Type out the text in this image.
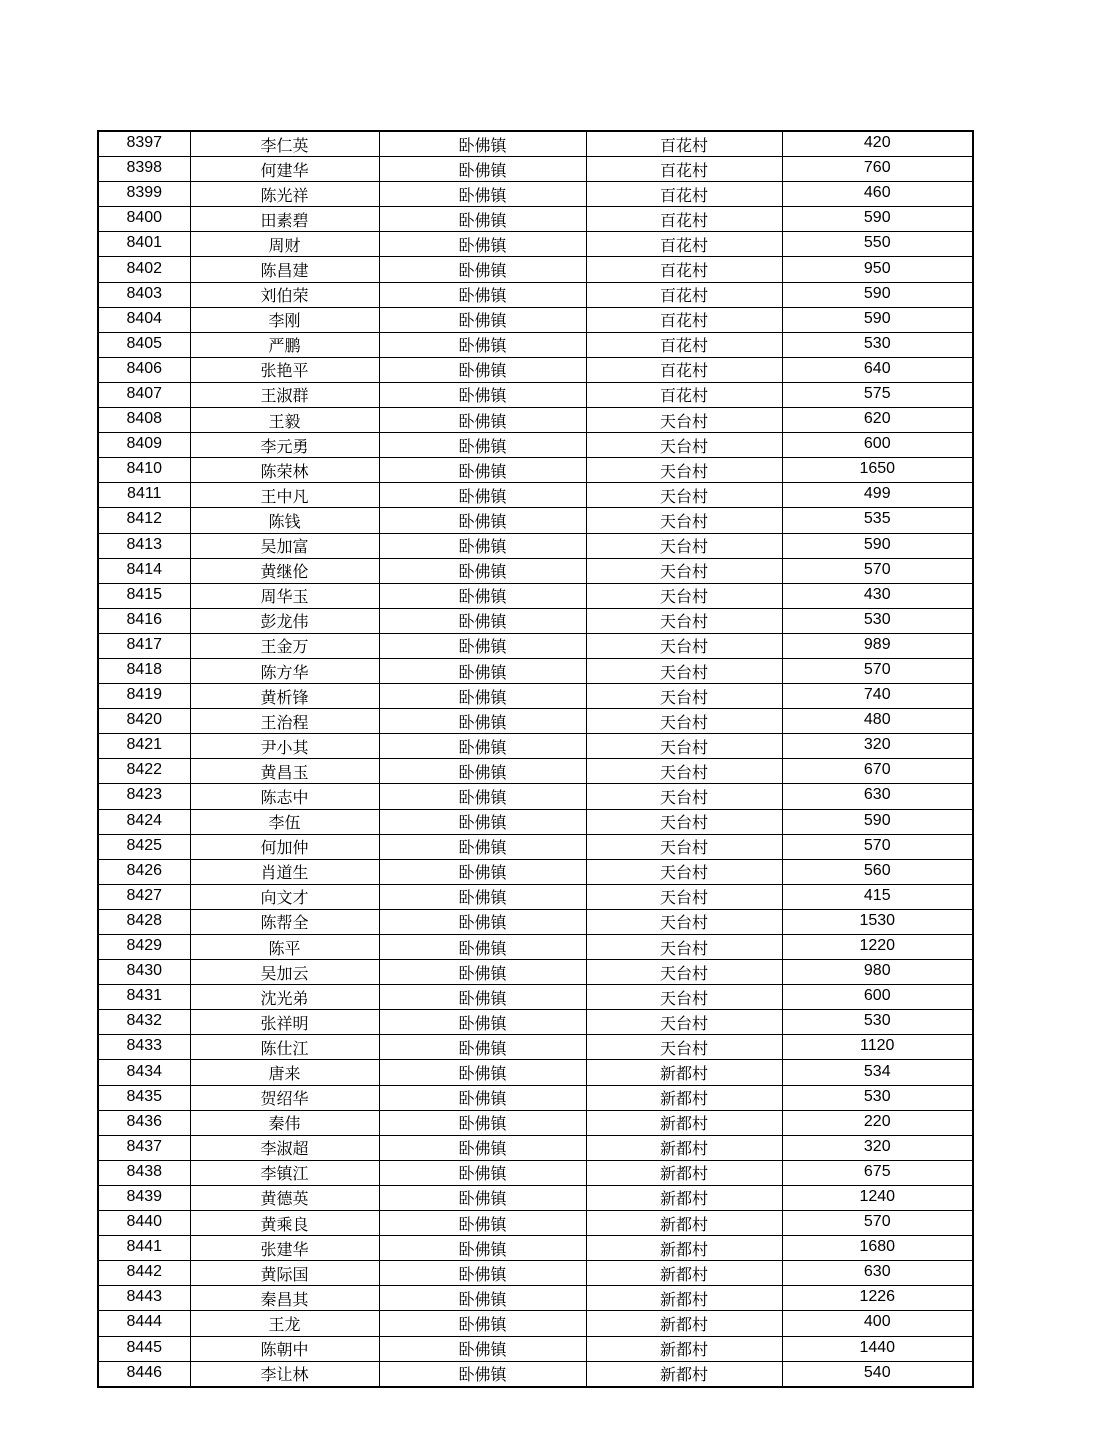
8397	李仁英	卧佛镇	百花村	420
8398	何建华	卧佛镇	百花村	760
8399	陈光祥	卧佛镇	百花村	460
8400	田素碧	卧佛镇	百花村	590
8401	周财	卧佛镇	百花村	550
8402	陈昌建	卧佛镇	百花村	950
8403	刘伯荣	卧佛镇	百花村	590
8404	李刚	卧佛镇	百花村	590
8405	严鹏	卧佛镇	百花村	530
8406	张艳平	卧佛镇	百花村	640
8407	王淑群	卧佛镇	百花村	575
8408	王毅	卧佛镇	天台村	620
8409	李元勇	卧佛镇	天台村	600
8410	陈荣林	卧佛镇	天台村	1650
8411	王中凡	卧佛镇	天台村	499
8412	陈钱	卧佛镇	天台村	535
8413	吴加富	卧佛镇	天台村	590
8414	黄继伦	卧佛镇	天台村	570
8415	周华玉	卧佛镇	天台村	430
8416	彭龙伟	卧佛镇	天台村	530
8417	王金万	卧佛镇	天台村	989
8418	陈方华	卧佛镇	天台村	570
8419	黄析锋	卧佛镇	天台村	740
8420	王治程	卧佛镇	天台村	480
8421	尹小其	卧佛镇	天台村	320
8422	黄昌玉	卧佛镇	天台村	670
8423	陈志中	卧佛镇	天台村	630
8424	李伍	卧佛镇	天台村	590
8425	何加仲	卧佛镇	天台村	570
8426	肖道生	卧佛镇	天台村	560
8427	向文才	卧佛镇	天台村	415
8428	陈帮全	卧佛镇	天台村	1530
8429	陈平	卧佛镇	天台村	1220
8430	吴加云	卧佛镇	天台村	980
8431	沈光弟	卧佛镇	天台村	600
8432	张祥明	卧佛镇	天台村	530
8433	陈仕江	卧佛镇	天台村	1120
8434	唐来	卧佛镇	新都村	534
8435	贺绍华	卧佛镇	新都村	530
8436	秦伟	卧佛镇	新都村	220
8437	李淑超	卧佛镇	新都村	320
8438	李镇江	卧佛镇	新都村	675
8439	黄德英	卧佛镇	新都村	1240
8440	黄乘良	卧佛镇	新都村	570
8441	张建华	卧佛镇	新都村	1680
8442	黄际国	卧佛镇	新都村	630
8443	秦昌其	卧佛镇	新都村	1226
8444	王龙	卧佛镇	新都村	400
8445	陈朝中	卧佛镇	新都村	1440
8446	李让林	卧佛镇	新都村	540
